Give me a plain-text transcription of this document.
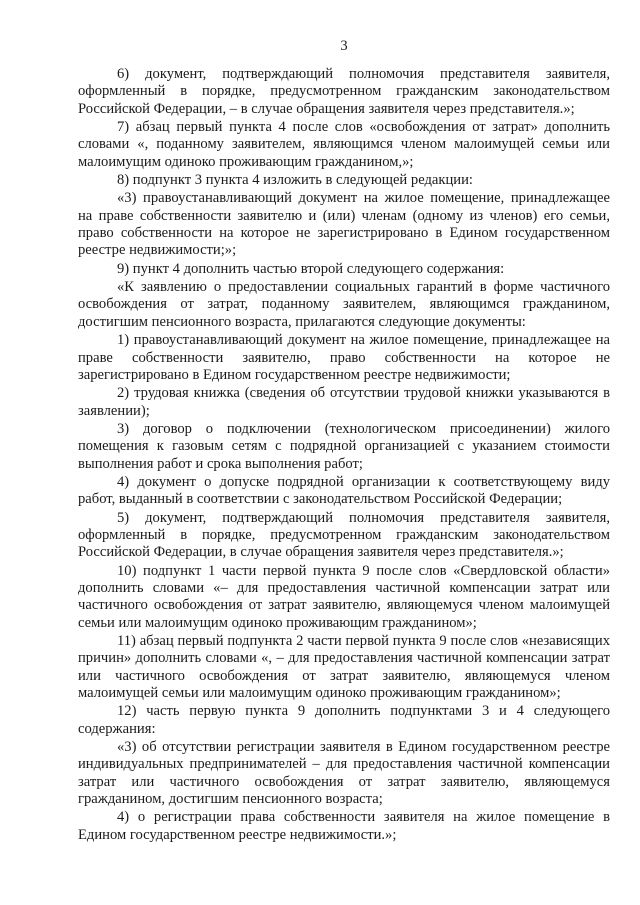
3

6) документ, подтверждающий полномочия представителя заявителя, оформленный в порядке, предусмотренном гражданским законодательством Российской Федерации, – в случае обращения заявителя через представителя.»;

7) абзац первый пункта 4 после слов «освобождения от затрат» дополнить словами «, поданному заявителем, являющимся членом малоимущей семьи или малоимущим одиноко проживающим гражданином,»;

8) подпункт 3 пункта 4 изложить в следующей редакции:

«3) правоустанавливающий документ на жилое помещение, принадлежащее на праве собственности заявителю и (или) членам (одному из членов) его семьи, право собственности на которое не зарегистрировано в Едином государственном реестре недвижимости;»;

9) пункт 4 дополнить частью второй следующего содержания:

«К заявлению о предоставлении социальных гарантий в форме частичного освобождения от затрат, поданному заявителем, являющимся гражданином, достигшим пенсионного возраста, прилагаются следующие документы:

1) правоустанавливающий документ на жилое помещение, принадлежащее на праве собственности заявителю, право собственности на которое не зарегистрировано в Едином государственном реестре недвижимости;

2) трудовая книжка (сведения об отсутствии трудовой книжки указываются в заявлении);

3) договор о подключении (технологическом присоединении) жилого помещения к газовым сетям с подрядной организацией с указанием стоимости выполнения работ и срока выполнения работ;

4) документ о допуске подрядной организации к соответствующему виду работ, выданный в соответствии с законодательством Российской Федерации;

5) документ, подтверждающий полномочия представителя заявителя, оформленный в порядке, предусмотренном гражданским законодательством Российской Федерации, в случае обращения заявителя через представителя.»;

10) подпункт 1 части первой пункта 9 после слов «Свердловской области» дополнить словами «– для предоставления частичной компенсации затрат или частичного освобождения от затрат заявителю, являющемуся членом малоимущей семьи или малоимущим одиноко проживающим гражданином»;

11) абзац первый подпункта 2 части первой пункта 9 после слов «независящих причин» дополнить словами «, – для предоставления частичной компенсации затрат или частичного освобождения от затрат заявителю, являющемуся членом малоимущей семьи или малоимущим одиноко проживающим гражданином»;

12) часть первую пункта 9 дополнить подпунктами 3 и 4 следующего содержания:

«3) об отсутствии регистрации заявителя в Едином государственном реестре индивидуальных предпринимателей – для предоставления частичной компенсации затрат или частичного освобождения от затрат заявителю, являющемуся гражданином, достигшим пенсионного возраста;

4) о регистрации права собственности заявителя на жилое помещение в Едином государственном реестре недвижимости.»;
